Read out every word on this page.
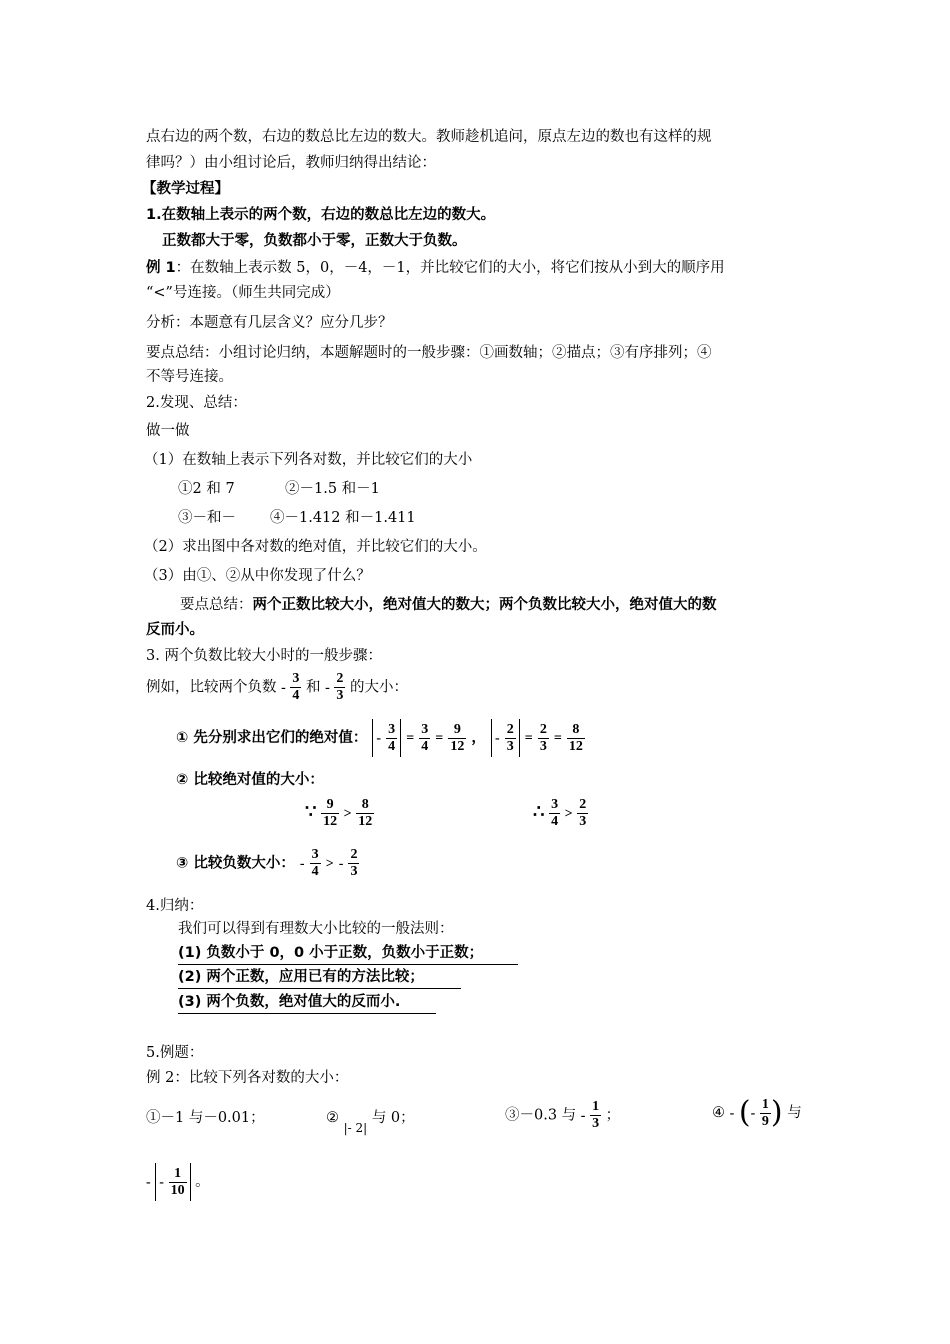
点右边的两个数，右边的数总比左边的数大。教师趁机追问，原点左边的数也有这样的规
律吗？）由小组讨论后，教师归纳得出结论：
【教学过程】
1.在数轴上表示的两个数，右边的数总比左边的数大。
正数都大于零，负数都小于零，正数大于负数。
例 1：在数轴上表示数 5，0，－4，－1，并比较它们的大小，将它们按从小到大的顺序用
“<”号连接。（师生共同完成）
分析：本题意有几层含义？应分几步？
要点总结：小组讨论归纳，本题解题时的一般步骤：①画数轴；②描点；③有序排列；④
不等号连接。
2.发现、总结：
做一做
（1）在数轴上表示下列各对数，并比较它们的大小
①2 和 7	②－1.5 和－1
③－和－ ④－1.412 和－1.411
（2）求出图中各对数的绝对值，并比较它们的大小。
（3）由①、②从中你发现了什么？
要点总结：两个正数比较大小，绝对值大的数大；两个负数比较大小，绝对值大的数
反而小。
3. 两个负数比较大小时的一般步骤：
例如，比较两个负数 - $\frac{3}{4}$ 和 - $\frac{2}{3}$ 的大小：
① 先分别求出它们的绝对值： - $\frac{3}{4} = \frac{3}{4} = \frac{9}{12}$ ， - $\frac{2}{3} = \frac{2}{3} = \frac{8}{12}$
② 比较绝对值的大小：
∵ $\frac{9}{12} > \frac{8}{12}$	∴ $\frac{3}{4} > \frac{2}{3}$
③ 比较负数大小： - $\frac{3}{4}$ > - $\frac{2}{3}$
4.归纳：
我们可以得到有理数大小比较的一般法则：
(1) 负数小于 0，0 小于正数，负数小于正数；
(2) 两个正数，应用已有的方法比较；
(3) 两个负数，绝对值大的反而小.
5.例题：
例 2：比较下列各对数的大小：
①－1 与－0.01；	② $_{|- 2|}$ 与 0；	③－0.3 与 - $\frac{1}{3}$ ；	④ - (- $\frac{1}{9}$ ) 与
- - $\frac{1}{10}$ 。
